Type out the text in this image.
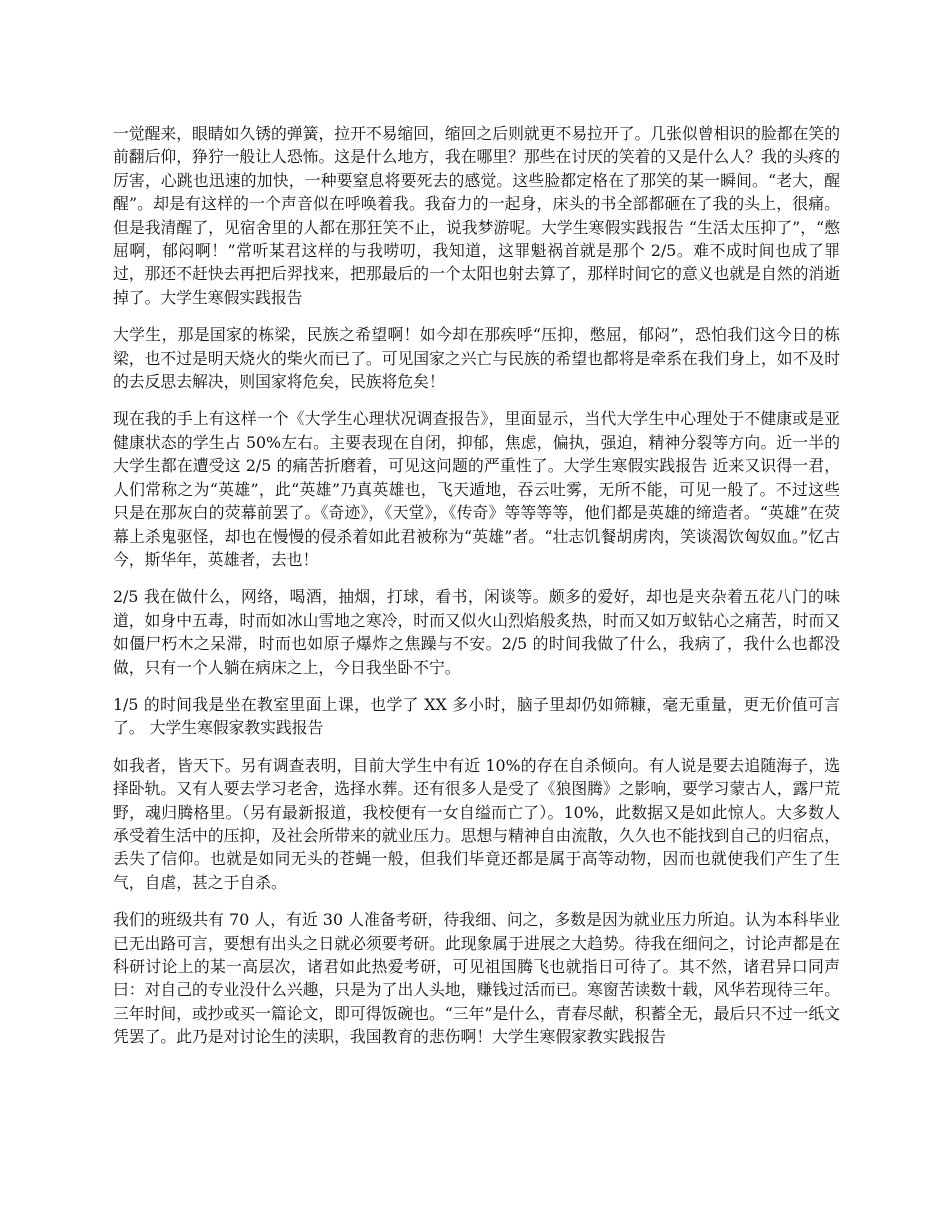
一觉醒来，眼睛如久锈的弹簧，拉开不易缩回，缩回之后则就更不易拉开了。几张似曾相识的脸都在笑的前翻后仰，狰狞一般让人恐怖。这是什么地方，我在哪里？那些在讨厌的笑着的又是什么人？我的头疼的厉害，心跳也迅速的加快，一种要窒息将要死去的感觉。这些脸都定格在了那笑的某一瞬间。“老大，醒醒”。却是有这样的一个声音似在呼唤着我。我奋力的一起身，床头的书全部都砸在了我的头上，很痛。但是我清醒了，见宿舍里的人都在那狂笑不止，说我梦游呢。大学生寒假实践报告 “生活太压抑了”，“憋屈啊，郁闷啊！”常听某君这样的与我唠叨，我知道，这罪魁祸首就是那个 2/5。难不成时间也成了罪过，那还不赶快去再把后羿找来，把那最后的一个太阳也射去算了，那样时间它的意义也就是自然的消逝掉了。大学生寒假实践报告

大学生，那是国家的栋梁，民族之希望啊！如今却在那疾呼“压抑，憋屈，郁闷”，恐怕我们这今日的栋梁，也不过是明天烧火的柴火而已了。可见国家之兴亡与民族的希望也都将是牵系在我们身上，如不及时的去反思去解决，则国家将危矣，民族将危矣！

现在我的手上有这样一个《大学生心理状况调查报告》，里面显示，当代大学生中心理处于不健康或是亚健康状态的学生占 50%左右。主要表现在自闭，抑郁，焦虑，偏执，强迫，精神分裂等方向。近一半的大学生都在遭受这 2/5 的痛苦折磨着，可见这问题的严重性了。大学生寒假实践报告 近来又识得一君，人们常称之为“英雄”，此“英雄”乃真英雄也，飞天遁地，吞云吐雾，无所不能，可见一般了。不过这些只是在那灰白的荧幕前罢了。《奇迹》，《天堂》，《传奇》等等等等，他们都是英雄的缔造者。“英雄”在荧幕上杀鬼驱怪，却也在慢慢的侵杀着如此君被称为“英雄”者。“壮志饥餐胡虏肉，笑谈渴饮匈奴血。”忆古今，斯华年，英雄者，去也！

2/5 我在做什么，网络，喝酒，抽烟，打球，看书，闲谈等。颇多的爱好，却也是夹杂着五花八门的味道，如身中五毒，时而如冰山雪地之寒冷，时而又似火山烈焰般炙热，时而又如万蚁钻心之痛苦，时而又如僵尸朽木之呆滞，时而也如原子爆炸之焦躁与不安。2/5 的时间我做了什么，我病了，我什么也都没做，只有一个人躺在病床之上，今日我坐卧不宁。

1/5 的时间我是坐在教室里面上课，也学了 XX 多小时，脑子里却仍如筛糠，毫无重量，更无价值可言了。 大学生寒假家教实践报告

如我者，皆天下。另有调查表明，目前大学生中有近 10%的存在自杀倾向。有人说是要去追随海子，选择卧轨。又有人要去学习老舍，选择水葬。还有很多人是受了《狼图腾》之影响，要学习蒙古人，露尸荒野，魂归腾格里。（另有最新报道，我校便有一女自缢而亡了）。10%，此数据又是如此惊人。大多数人承受着生活中的压抑，及社会所带来的就业压力。思想与精神自由流散，久久也不能找到自己的归宿点，丢失了信仰。也就是如同无头的苍蝇一般，但我们毕竟还都是属于高等动物，因而也就使我们产生了生气，自虐，甚之于自杀。

我们的班级共有 70 人，有近 30 人准备考研，待我细、问之，多数是因为就业压力所迫。认为本科毕业已无出路可言，要想有出头之日就必须要考研。此现象属于进展之大趋势。待我在细问之，讨论声都是在科研讨论上的某一高层次，诸君如此热爱考研，可见祖国腾飞也就指日可待了。其不然，诸君异口同声曰：对自己的专业没什么兴趣，只是为了出人头地，赚钱过活而已。寒窗苦读数十载，风华若现待三年。三年时间，或抄或买一篇论文，即可得饭碗也。“三年”是什么，青春尽献，积蓄全无，最后只不过一纸文凭罢了。此乃是对讨论生的渎职，我国教育的悲伤啊！大学生寒假家教实践报告
